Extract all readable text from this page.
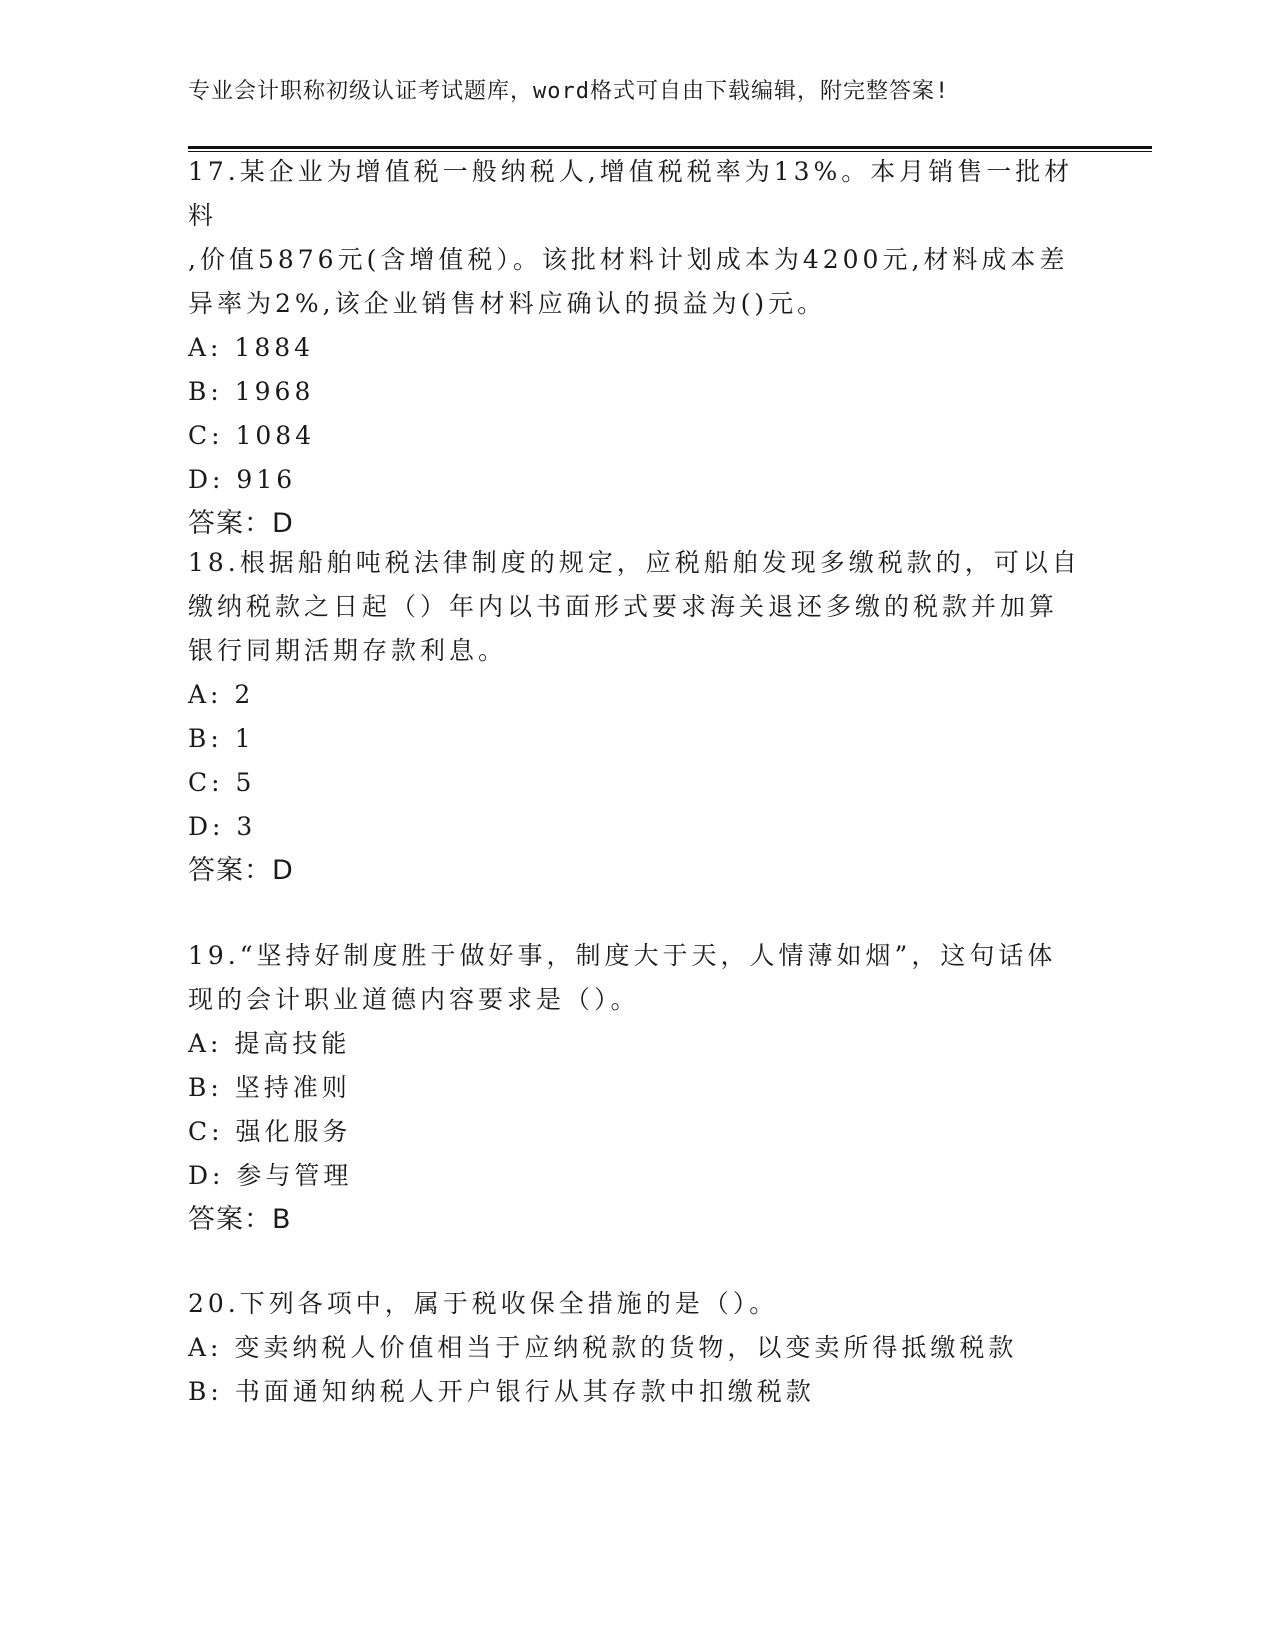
专业会计职称初级认证考试题库，word格式可自由下载编辑，附完整答案!
17.某企业为增值税一般纳税人,增值税税率为13%。本月销售一批材料
,价值5876元(含增值税）。该批材料计划成本为4200元,材料成本差
异率为2%,该企业销售材料应确认的损益为()元。
A: 1884
B: 1968
C: 1084
D: 916
答案：D
18.根据船舶吨税法律制度的规定，应税船舶发现多缴税款的，可以自
缴纳税款之日起（）年内以书面形式要求海关退还多缴的税款并加算
银行同期活期存款利息。
A: 2
B: 1
C: 5
D: 3
答案：D
19.“坚持好制度胜于做好事，制度大于天，人情薄如烟”，这句话体
现的会计职业道德内容要求是（）。
A: 提高技能
B: 坚持准则
C: 强化服务
D: 参与管理
答案：B
20.下列各项中，属于税收保全措施的是（）。
A: 变卖纳税人价值相当于应纳税款的货物，以变卖所得抵缴税款
B: 书面通知纳税人开户银行从其存款中扣缴税款
